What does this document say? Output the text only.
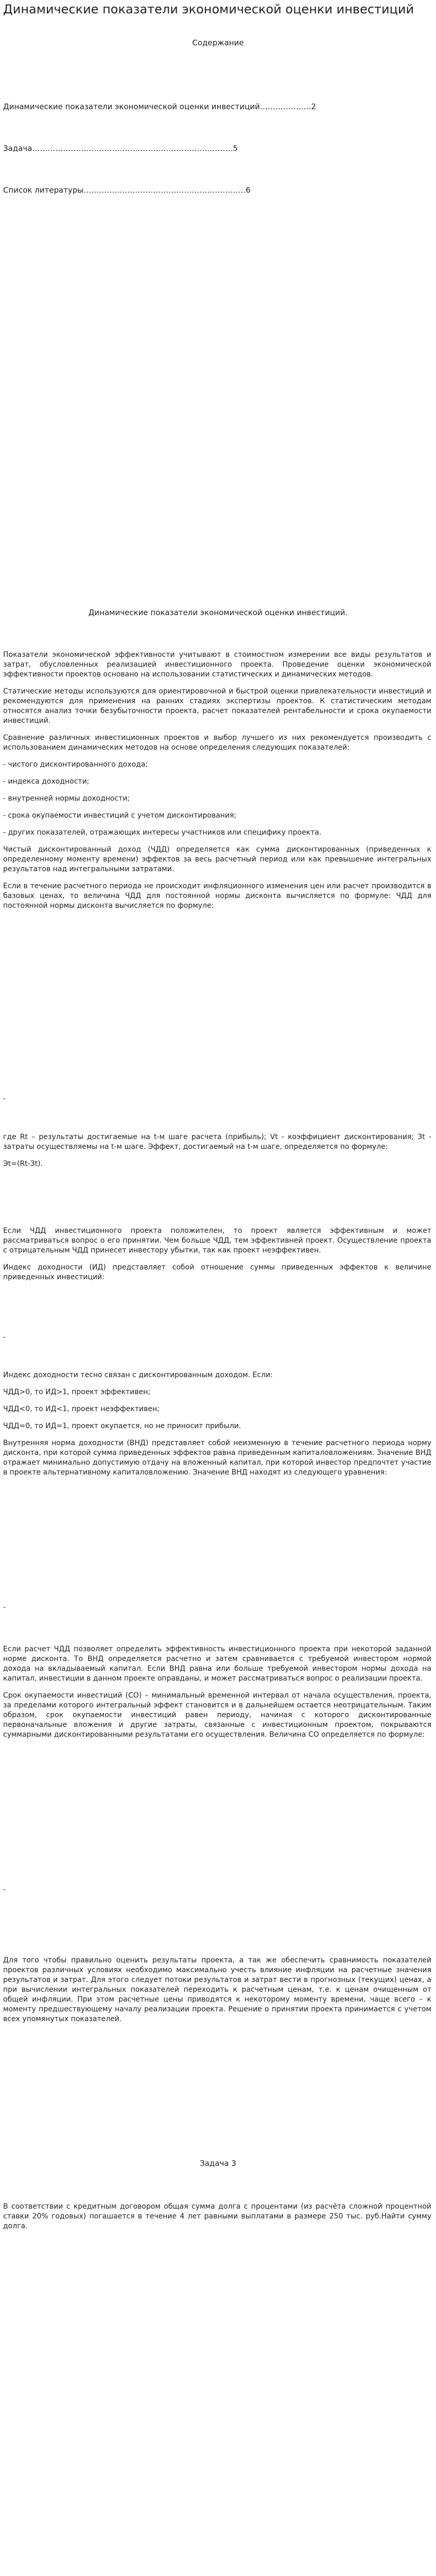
Динамические показатели экономической оценки инвестиций
Содержание

Динамические показатели экономической оценки инвестиций……………..…2

Задача……………………………………………………………………5

Список литературы………………………………………………………6

Динамические показатели экономической оценки инвестиций.

Показатели экономической эффективности учитывают в стоимостном измерении все виды результатов и затрат, обусловленных реализацией инвестиционного проекта. Проведение оценки экономической эффективности проектов основано на использовании статистических и динамических методов.

Статические методы используются для ориентировочной и быстрой оценки привлекательности инвестиций и рекомендуются для применения на ранних стадиях экспертизы проектов. К статистическим методам относятся анализ точки безубыточности проекта, расчет показателей рентабельности и срока окупаемости инвестиций.

Сравнение различных инвестиционных проектов и выбор лучшего из них рекомендуется производить с использованием динамических методов на основе определения следующих показателей:

- чистого дисконтированного дохода;

- индекса доходности;

- внутренней нормы доходности;

- срока окупаемости инвестиций с учетом дисконтирования;

- других показателей, отражающих интересы участников или специфику проекта.

Чистый дисконтированный доход (ЧДД) определяется как сумма дисконтированных (приведенных к определенному моменту времени) эффектов за весь расчетный период или как превышение интегральных результатов над интегральными затратами.

Если в течение расчетного периода не происходит инфляционного изменения цен или расчет производится в базовых ценах, то величина ЧДД для постоянной нормы дисконта вычисляется по формуле: ЧДД для постоянной нормы дисконта вычисляется по формуле:

-

где Rt – результаты достигаемые на t-м шаге расчета (прибыль); Vt - коэффициент дисконтирования; Зt - затраты осуществляемы на t-м шаге. Эффект, достигаемый на t-м шаге, определяется по формуле:

Эt=(Rt-Зt).

Если ЧДД инвестиционного проекта положителен, то проект является эффективным и может рассматриваться вопрос о его принятии. Чем больше ЧДД, тем эффективней проект. Осуществление проекта с отрицательным ЧДД принесет инвестору убытки, так как проект неэффективен.

Индекс доходности (ИД) представляет собой отношение суммы приведенных эффектов к величине приведенных инвестиций:

-

Индекс доходности тесно связан с дисконтированным доходом. Если:

ЧДД>0, то ИД>1, проект эффективен;

ЧДД<0, то ИД<1, проект неэффективен;

ЧДД=0, то ИД=1, проект окупается, но не приносит прибыли.

Внутренняя норма доходности (ВНД) представляет собой неизменную в течение расчетного периода норму дисконта, при которой сумма приведенных эффектов равна приведенным капиталовложениям. Значение ВНД отражает минимально допустимую отдачу на вложенный капитал, при которой инвестор предпочтет участие в проекте альтернативному капиталовложению. Значение ВНД находят из следующего уравнения:

-

Если расчет ЧДД позволяет определить эффективность инвестиционного проекта при некоторой заданной норме дисконта. То ВНД определяется расчетно и затем сравнивается с требуемой инвестором нормой дохода на вкладываемый капитал. Если ВНД равна или больше требуемой инвестором нормы дохода на капитал, инвестиции в данном проекте оправданы, и может рассматриваться вопрос о реализации проекта.

Срок окупаемости инвестиций (СО) – минимальный временной интервал от начала осуществления, проекта, за пределами которого интегральный эффект становится и в дальнейшем остается неотрицательным. Таким образом, срок окупаемости инвестиций равен периоду, начиная с которого дисконтированные первоначальные вложения и другие затраты, связанные с инвестиционным проектом, покрываются суммарными дисконтированными результатами его осуществления. Величина СО определяется по формуле:

-

Для того чтобы правильно оценить результаты проекта, а так же обеспечить сравнимость показателей проектов различных условиях необходимо максимально учесть влияние инфляции на расчетные значения результатов и затрат. Для этого следует потоки результатов и затрат вести в прогнозных (текущих) ценах, а при вычислении интегральных показателей переходить к расчетным ценам, т.е. к ценам очищенным от общей инфляции. При этом расчетные цены приводятся к некоторому моменту времени, чаще всего – к моменту предшествующему началу реализации проекта. Решение о принятии проекта принимается с учетом всех упомянутых показателей.

Задача 3

В соответствии с кредитным договором общая сумма долга с процентами (из расчёта сложной процентной ставки 20% годовых) погашается в течение 4 лет равными выплатами в размере 250 тыс. руб.Найти сумму долга.
